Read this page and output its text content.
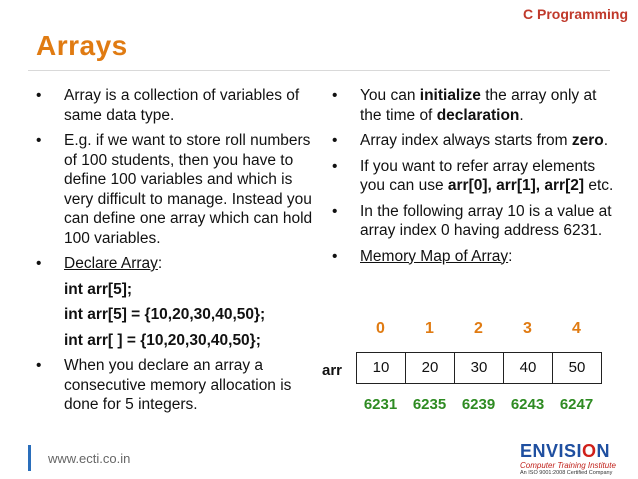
C Programming
Arrays
• Array is a collection of variables of same data type.
• E.g. if we want to store roll numbers of 100 students, then you have to define 100 variables and which is very difficult to manage. Instead you can define one array which can hold 100 variables.
• Declare Array:
int arr[5];
int arr[5] = {10,20,30,40,50};
int arr[ ] = {10,20,30,40,50};
• When you declare an array a consecutive memory allocation is done for 5 integers.
• You can initialize the array only at the time of declaration.
• Array index always starts from zero.
• If you want to refer array elements you can use arr[0], arr[1], arr[2] etc.
• In the following array 10 is a value at array index 0 having address 6231.
• Memory Map of Array:
0	1	2	3	4
arr	10	20	30	40	50
6231	6235	6239	6243	6247
www.ecti.co.in	ENVISION
Computer Training Institute
An ISO 9001:2008 Certified Company
